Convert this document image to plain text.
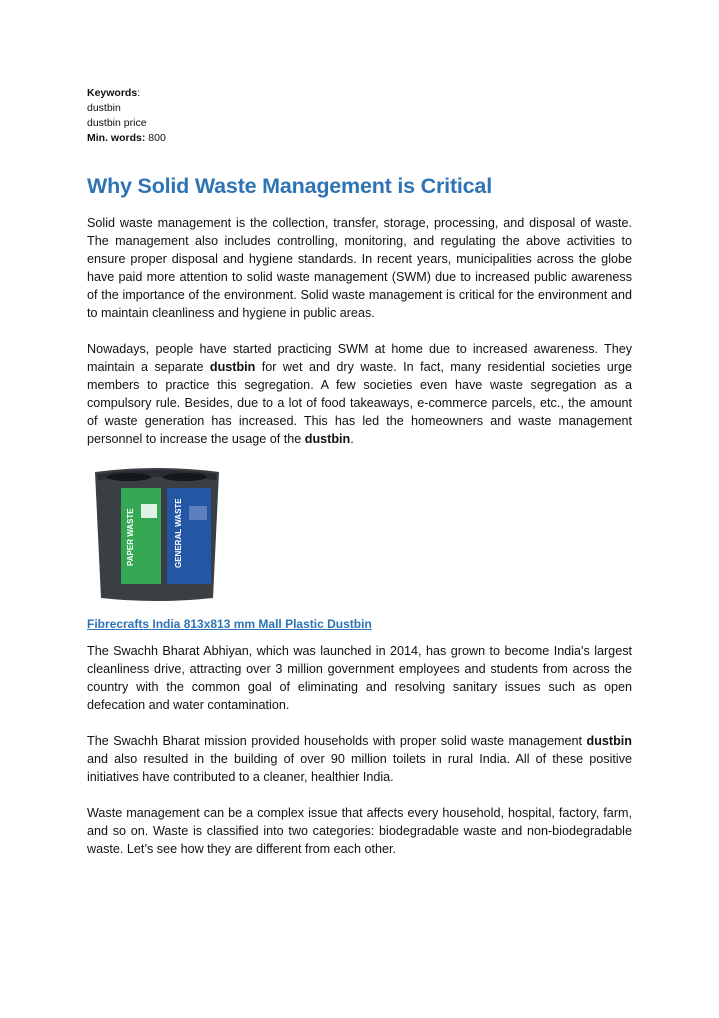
Keywords:
dustbin
dustbin price
Min. words: 800
Why Solid Waste Management is Critical

Solid waste management is the collection, transfer, storage, processing, and disposal of waste. The management also includes controlling, monitoring, and regulating the above activities to ensure proper disposal and hygiene standards. In recent years, municipalities across the globe have paid more attention to solid waste management (SWM) due to increased public awareness of the importance of the environment. Solid waste management is critical for the environment and to maintain cleanliness and hygiene in public areas.

Nowadays, people have started practicing SWM at home due to increased awareness. They maintain a separate dustbin for wet and dry waste. In fact, many residential societies urge members to practice this segregation. A few societies even have waste segregation as a compulsory rule. Besides, due to a lot of food takeaways, e-commerce parcels, etc., the amount of waste generation has increased. This has led the homeowners and waste management personnel to increase the usage of the dustbin.

PAPER WASTE	GENERAL WASTE
Fibrecrafts India 813x813 mm Mall Plastic Dustbin

The Swachh Bharat Abhiyan, which was launched in 2014, has grown to become India's largest cleanliness drive, attracting over 3 million government employees and students from across the country with the common goal of eliminating and resolving sanitary issues such as open defecation and water contamination.

The Swachh Bharat mission provided households with proper solid waste management dustbin and also resulted in the building of over 90 million toilets in rural India. All of these positive initiatives have contributed to a cleaner, healthier India.

Waste management can be a complex issue that affects every household, hospital, factory, farm, and so on. Waste is classified into two categories: biodegradable waste and non-biodegradable waste. Let’s see how they are different from each other.
